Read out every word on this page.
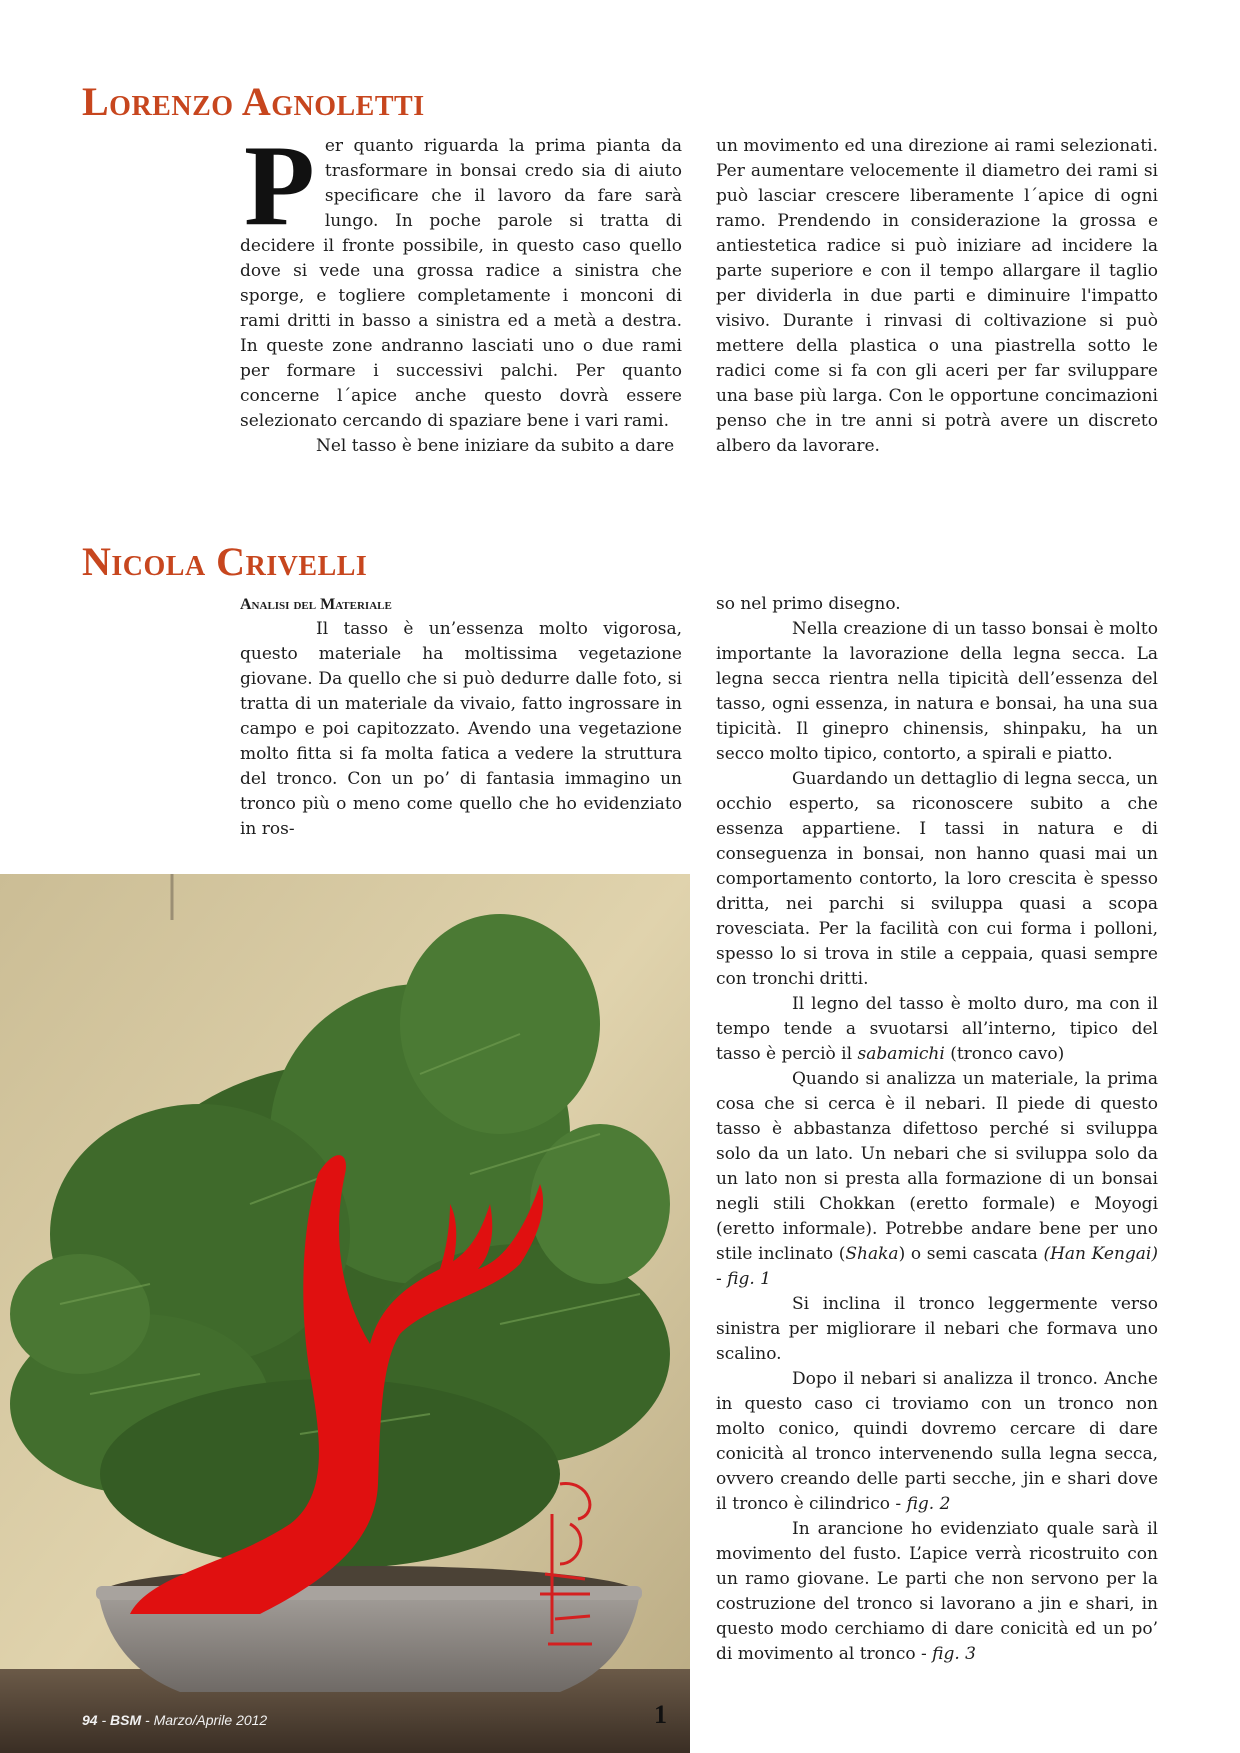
Lorenzo Agnoletti

Per quanto riguarda la prima pianta da trasformare in bonsai credo sia di aiuto specificare che il lavoro da fare sarà lungo. In poche parole si tratta di decidere il fronte possibile, in questo caso quello dove si vede una grossa radice a sinistra che sporge, e togliere completamente i monconi di rami dritti in basso a sinistra ed a metà a destra. In queste zone andranno lasciati uno o due rami per formare i successivi palchi. Per quanto concerne l´apice anche questo dovrà essere selezionato cercando di spaziare bene i vari rami.

Nel tasso è bene iniziare da subito a dare

un movimento ed una direzione ai rami selezionati. Per aumentare velocemente il diametro dei rami si può lasciar crescere liberamente l´apice di ogni ramo. Prendendo in considerazione la grossa e antiestetica radice si può iniziare ad incidere la parte superiore e con il tempo allargare il taglio per dividerla in due parti e diminuire l'impatto visivo. Durante i rinvasi di coltivazione si può mettere della plastica o una piastrella sotto le radici come si fa con gli aceri per far sviluppare una base più larga. Con le opportune concimazioni penso che in tre anni si potrà avere un discreto albero da lavorare.

Nicola Crivelli

Analisi del Materiale

Il tasso è un’essenza molto vigorosa, questo materiale ha moltissima vegetazione giovane. Da quello che si può dedurre dalle foto, si tratta di un materiale da vivaio, fatto ingrossare in campo e poi capitozzato. Avendo una vegetazione molto fitta si fa molta fatica a vedere la struttura del tronco. Con un po’ di fantasia immagino un tronco più o meno come quello che ho evidenziato in ros-

so nel primo disegno.

Nella creazione di un tasso bonsai è molto importante la lavorazione della legna secca. La legna secca rientra nella tipicità dell’essenza del tasso, ogni essenza, in natura e bonsai, ha una sua tipicità. Il ginepro chinensis, shinpaku, ha un secco molto tipico, contorto, a spirali e piatto.

Guardando un dettaglio di legna secca, un occhio esperto, sa riconoscere subito a che essenza appartiene. I tassi in natura e di conseguenza in bonsai, non hanno quasi mai un comportamento contorto, la loro crescita è spesso dritta, nei parchi si sviluppa quasi a scopa rovesciata. Per la facilità con cui forma i polloni, spesso lo si trova in stile a ceppaia, quasi sempre con tronchi dritti.

Il legno del tasso è molto duro, ma con il tempo tende a svuotarsi all’interno, tipico del tasso è perciò il sabamichi (tronco cavo)

Quando si analizza un materiale, la prima cosa che si cerca è il nebari. Il piede di questo tasso è abbastanza difettoso perché si sviluppa solo da un lato. Un nebari che si sviluppa solo da un lato non si presta alla formazione di un bonsai negli stili Chokkan (eretto formale) e Moyogi (eretto informale). Potrebbe andare bene per uno stile inclinato (Shaka) o semi cascata (Han Kengai) - fig. 1

Si inclina il tronco leggermente verso sinistra per migliorare il nebari che formava uno scalino.

Dopo il nebari si analizza il tronco. Anche in questo caso ci troviamo con un tronco non molto conico, quindi dovremo cercare di dare conicità al tronco intervenendo sulla legna secca, ovvero creando delle parti secche, jin e shari dove il tronco è cilindrico - fig. 2

In arancione ho evidenziato quale sarà il movimento del fusto. L’apice verrà ricostruito con un ramo giovane. Le parti che non servono per la costruzione del tronco si lavorano a jin e shari, in questo modo cerchiamo di dare conicità ed un po’ di movimento al tronco - fig. 3

94 - BSM - Marzo/Aprile 2012	1
